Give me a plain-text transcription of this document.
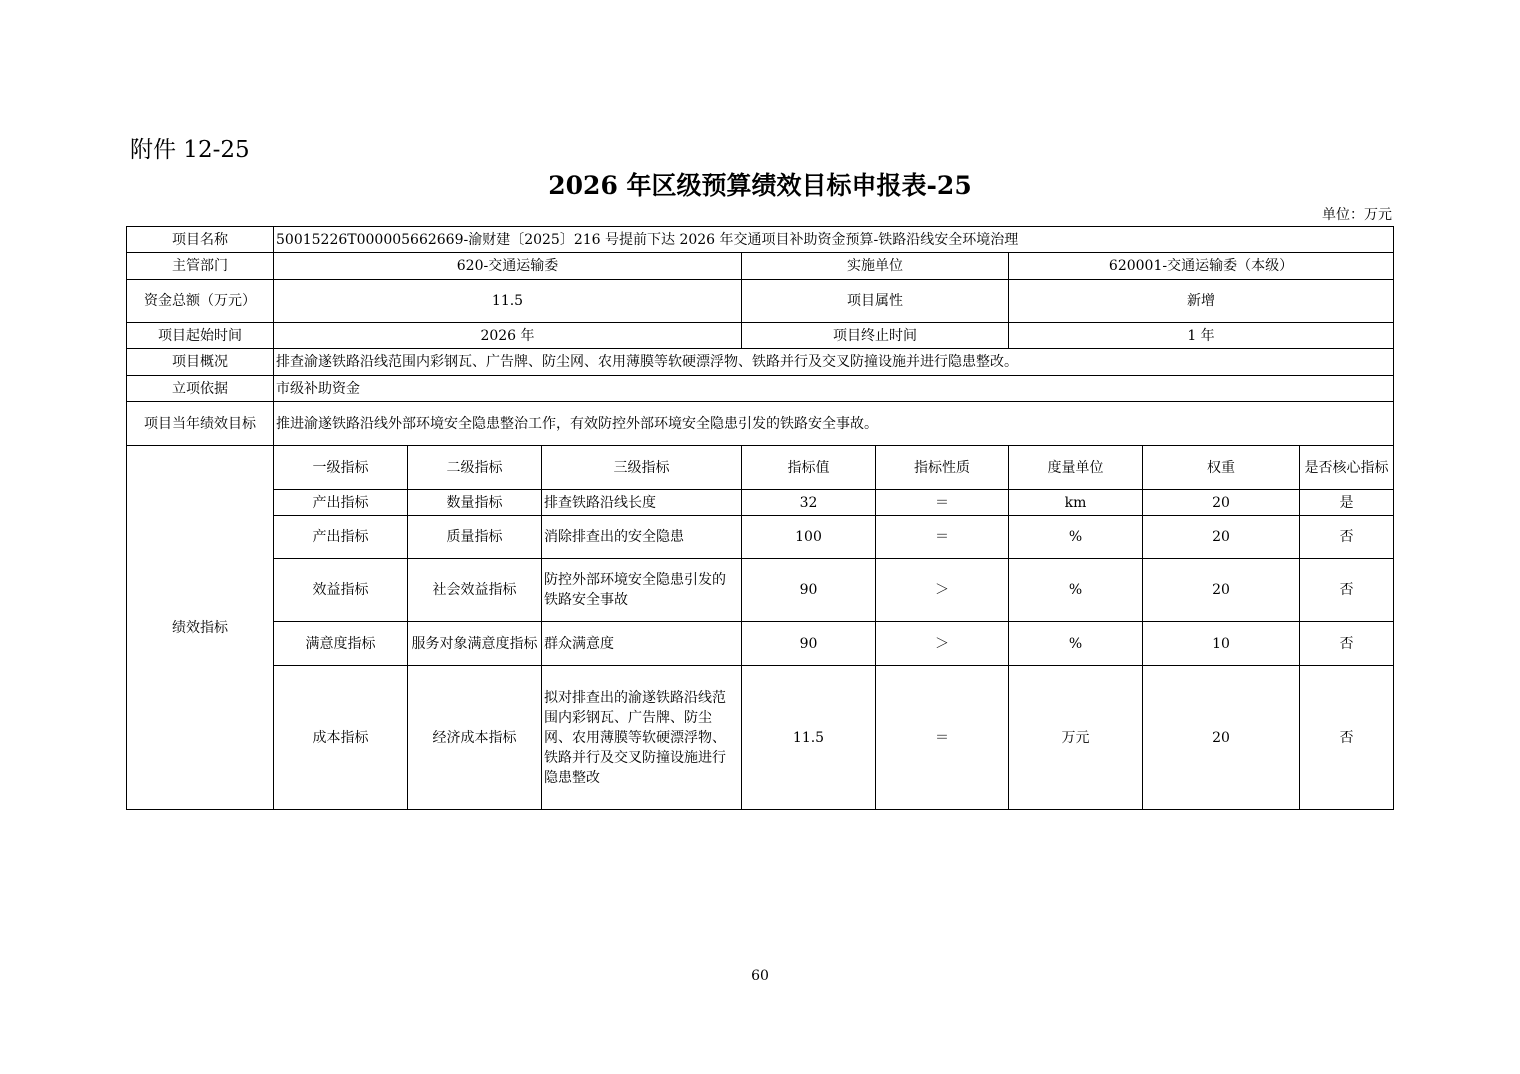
附件 12-25
2026 年区级预算绩效目标申报表-25
单位：万元
项目名称	50015226T000005662669-渝财建〔2025〕216 号提前下达 2026 年交通项目补助资金预算-铁路沿线安全环境治理							
主管部门	620-交通运输委			实施单位		620001-交通运输委（本级）		
资金总额（万元）	11.5			项目属性		新增		
项目起始时间	2026 年			项目终止时间		1 年		
项目概况	排查渝遂铁路沿线范围内彩钢瓦、广告牌、防尘网、农用薄膜等软硬漂浮物、铁路并行及交叉防撞设施并进行隐患整改。							
立项依据	市级补助资金							
项目当年绩效目标	推进渝遂铁路沿线外部环境安全隐患整治工作，有效防控外部环境安全隐患引发的铁路安全事故。							
绩效指标	一级指标	二级指标	三级指标	指标值	指标性质	度量单位	权重	是否核心指标
	产出指标	数量指标	排查铁路沿线长度	32	＝	km	20	是
	产出指标	质量指标	消除排查出的安全隐患	100	＝	%	20	否
	效益指标	社会效益指标	防控外部环境安全隐患引发的铁路安全事故	90	＞	%	20	否
	满意度指标	服务对象满意度指标	群众满意度	90	＞	%	10	否
	成本指标	经济成本指标	拟对排查出的渝遂铁路沿线范围内彩钢瓦、广告牌、防尘网、农用薄膜等软硬漂浮物、铁路并行及交叉防撞设施进行隐患整改	11.5	＝	万元	20	否
60
